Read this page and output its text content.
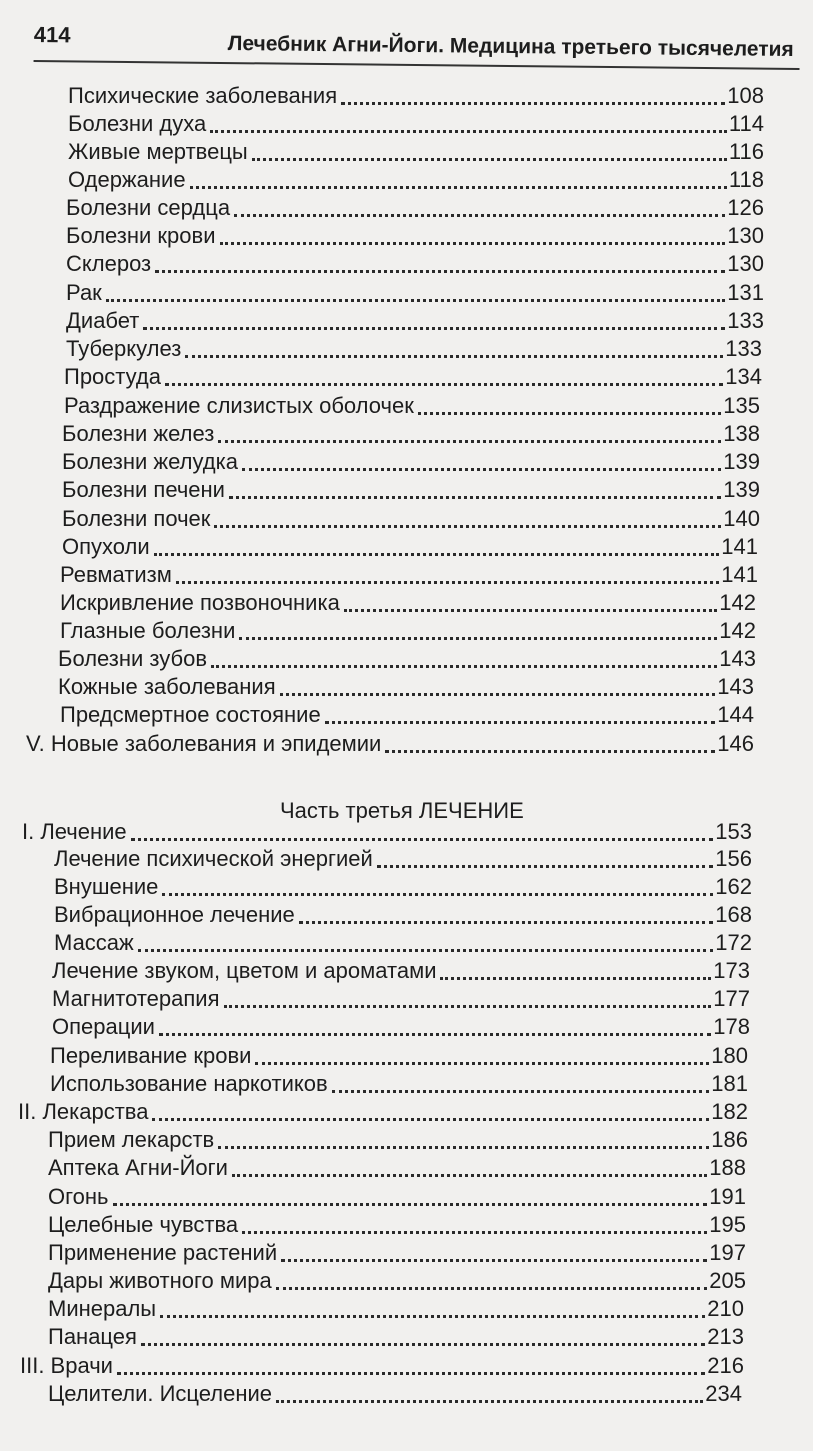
414	Лечебник Агни-Йоги. Медицина третьего тысячелетия
Психические заболевания	108
Болезни духа	114
Живые мертвецы	116
Одержание	118
Болезни сердца	126
Болезни крови	130
Склероз	130
Рак	131
Диабет	133
Туберкулез	133
Простуда	134
Раздражение слизистых оболочек	135
Болезни желез	138
Болезни желудка	139
Болезни печени	139
Болезни почек	140
Опухоли	141
Ревматизм	141
Искривление позвоночника	142
Глазные болезни	142
Болезни зубов	143
Кожные заболевания	143
Предсмертное состояние	144
V. Новые заболевания и эпидемии	146
I. Лечение	153
Лечение психической энергией	156
Внушение	162
Вибрационное лечение	168
Массаж	172
Лечение звуком, цветом и ароматами	173
Магнитотерапия	177
Операции	178
Переливание крови	180
Использование наркотиков	181
II. Лекарства	182
Прием лекарств	186
Аптека Агни-Йоги	188
Огонь	191
Целебные чувства	195
Применение растений	197
Дары животного мира	205
Минералы	210
Панацея	213
III. Врачи	216
Целители. Исцеление	234
Часть третья ЛЕЧЕНИЕ
